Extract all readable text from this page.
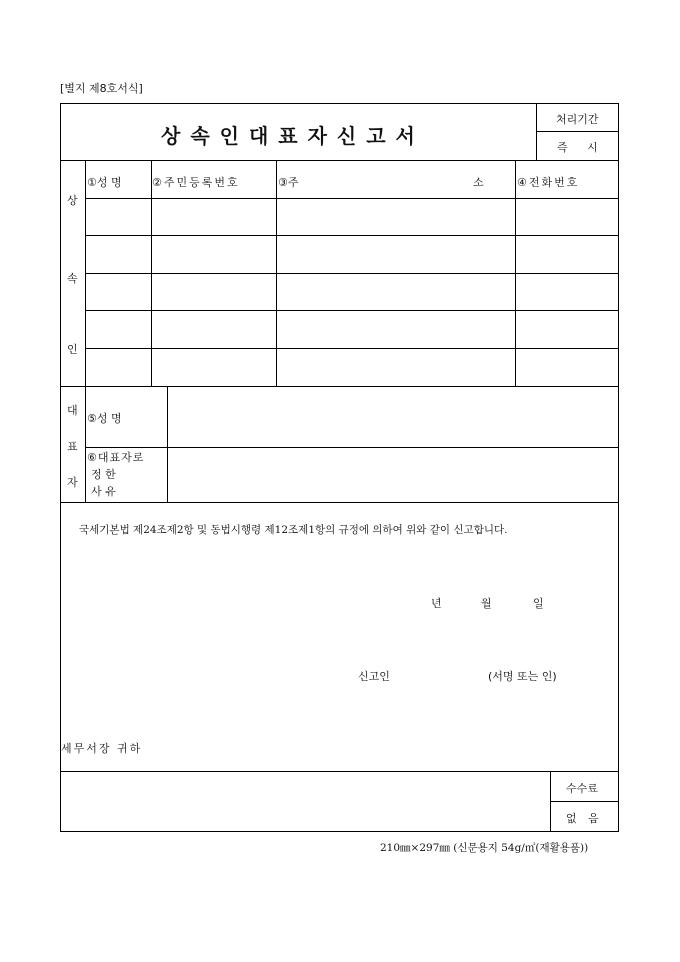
[별지 제8호서식]
상속인대표자신고서
처리기간
즉 시
상
속
인
①성 명	②주민등록번호	③주	소	④전화번호
대
표
자
⑤성 명
⑥대표자로
정 한
사 유
국세기본법 제24조제2항 및 동법시행령 제12조제1항의 규정에 의하여 위와 같이 신고합니다.
년	월	일
신고인	(서명 또는 인)
세무서장 귀하
수수료
없 음
210㎜×297㎜ (신문용지 54g/㎡(재활용품))
